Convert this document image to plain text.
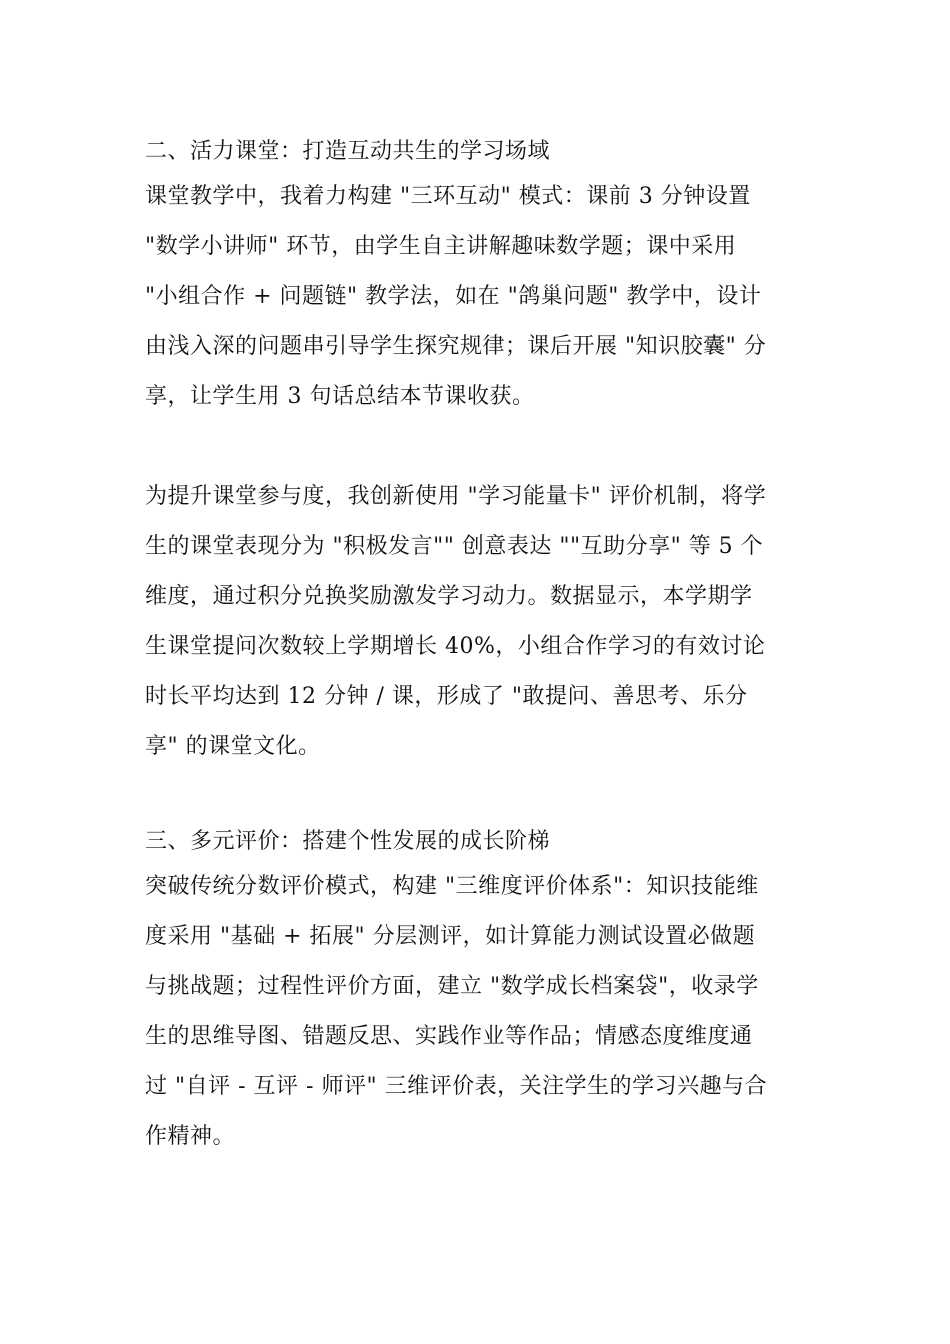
二、活力课堂：打造互动共生的学习场域
课堂教学中，我着力构建 "三环互动" 模式：课前 3 分钟设置
"数学小讲师" 环节，由学生自主讲解趣味数学题；课中采用
"小组合作 + 问题链" 教学法，如在 "鸽巢问题" 教学中，设计
由浅入深的问题串引导学生探究规律；课后开展 "知识胶囊" 分
享，让学生用 3 句话总结本节课收获。
为提升课堂参与度，我创新使用 "学习能量卡" 评价机制，将学
生的课堂表现分为 "积极发言"" 创意表达 ""互助分享" 等 5 个
维度，通过积分兑换奖励激发学习动力。数据显示，本学期学
生课堂提问次数较上学期增长 40%，小组合作学习的有效讨论
时长平均达到 12 分钟 / 课，形成了 "敢提问、善思考、乐分
享" 的课堂文化。
三、多元评价：搭建个性发展的成长阶梯
突破传统分数评价模式，构建 "三维度评价体系"：知识技能维
度采用 "基础 + 拓展" 分层测评，如计算能力测试设置必做题
与挑战题；过程性评价方面，建立 "数学成长档案袋"，收录学
生的思维导图、错题反思、实践作业等作品；情感态度维度通
过 "自评 - 互评 - 师评" 三维评价表，关注学生的学习兴趣与合
作精神。
